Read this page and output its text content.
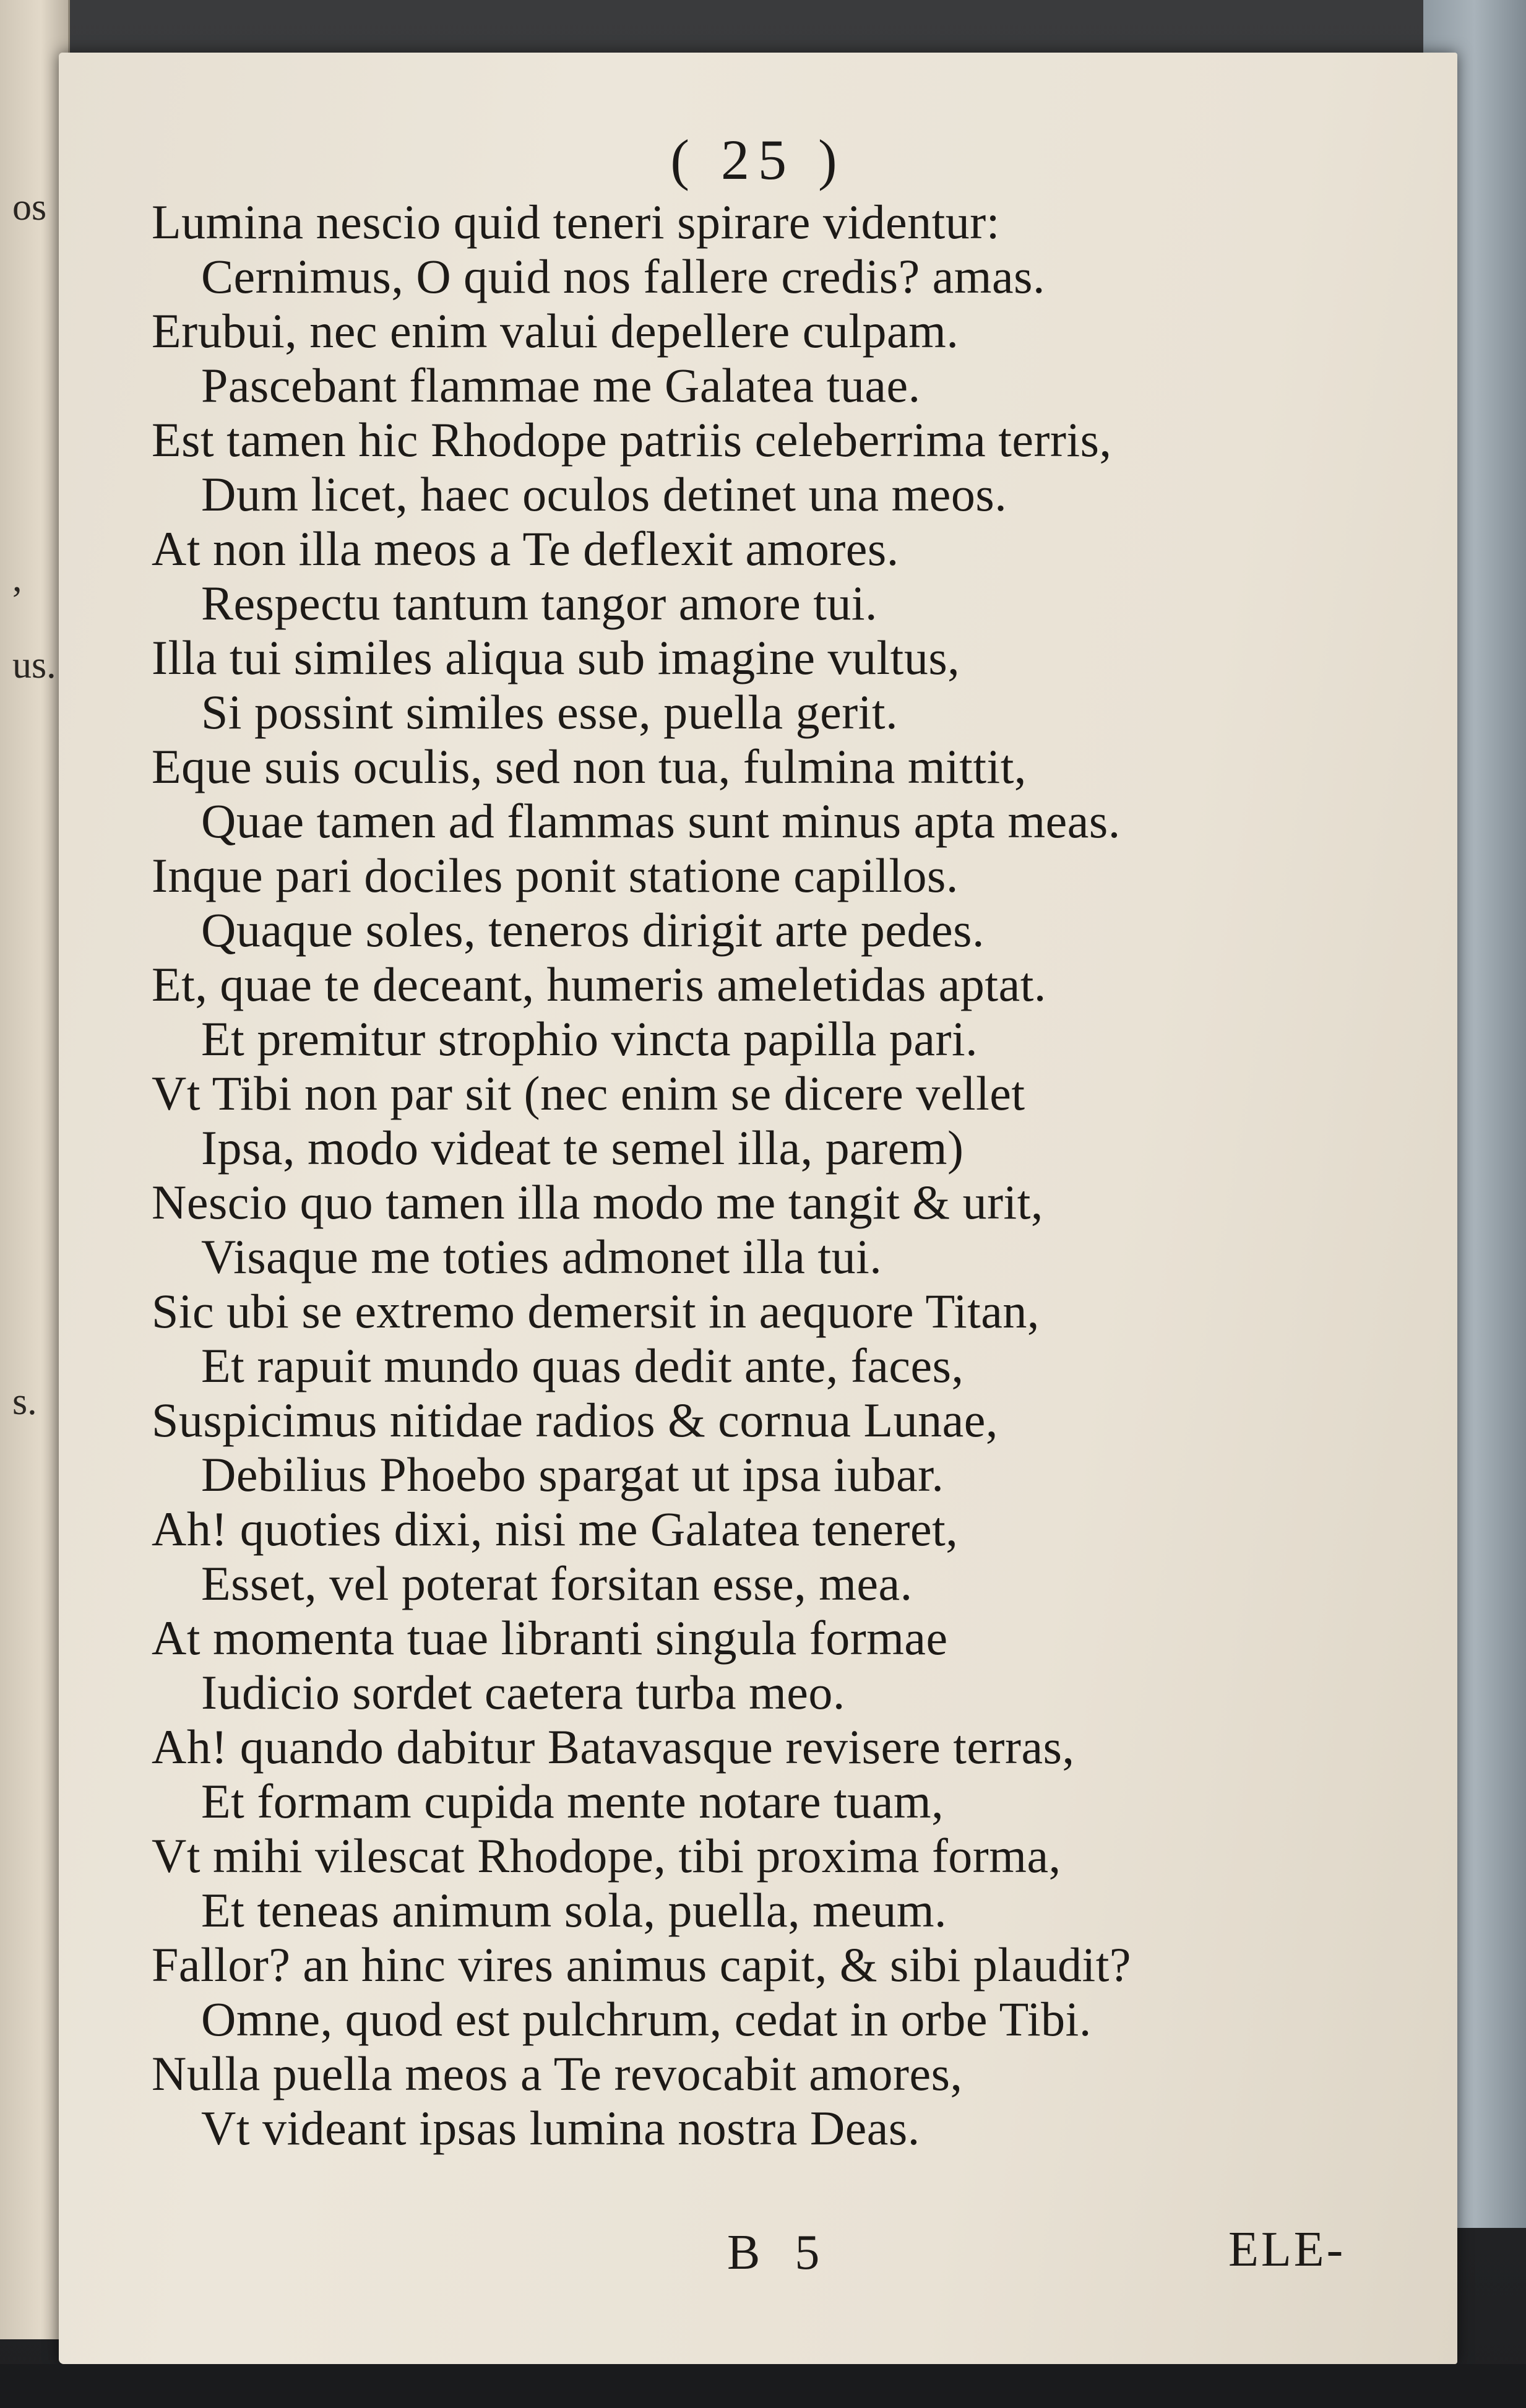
os
,
us.
s.
( 25 )
Lumina nescio quid teneri spirare videntur:
Cernimus, O quid nos fallere credis? amas.
Erubui, nec enim valui depellere culpam.
Pascebant flammae me Galatea tuae.
Est tamen hic Rhodope patriis celeberrima terris,
Dum licet, haec oculos detinet una meos.
At non illa meos a Te deflexit amores.
Respectu tantum tangor amore tui.
Illa tui similes aliqua sub imagine vultus,
Si possint similes esse, puella gerit.
Eque suis oculis, sed non tua, fulmina mittit,
Quae tamen ad flammas sunt minus apta meas.
Inque pari dociles ponit statione capillos.
Quaque soles, teneros dirigit arte pedes.
Et, quae te deceant, humeris ameletidas aptat.
Et premitur strophio vincta papilla pari.
Vt Tibi non par sit (nec enim se dicere vellet
Ipsa, modo videat te semel illa, parem)
Nescio quo tamen illa modo me tangit & urit,
Visaque me toties admonet illa tui.
Sic ubi se extremo demersit in aequore Titan,
Et rapuit mundo quas dedit ante, faces,
Suspicimus nitidae radios & cornua Lunae,
Debilius Phoebo spargat ut ipsa iubar.
Ah! quoties dixi, nisi me Galatea teneret,
Esset, vel poterat forsitan esse, mea.
At momenta tuae libranti singula formae
Iudicio sordet caetera turba meo.
Ah! quando dabitur Batavasque revisere terras,
Et formam cupida mente notare tuam,
Vt mihi vilescat Rhodope, tibi proxima forma,
Et teneas animum sola, puella, meum.
Fallor? an hinc vires animus capit, & sibi plaudit?
Omne, quod est pulchrum, cedat in orbe Tibi.
Nulla puella meos a Te revocabit amores,
Vt videant ipsas lumina nostra Deas.
B 5	ELE-
